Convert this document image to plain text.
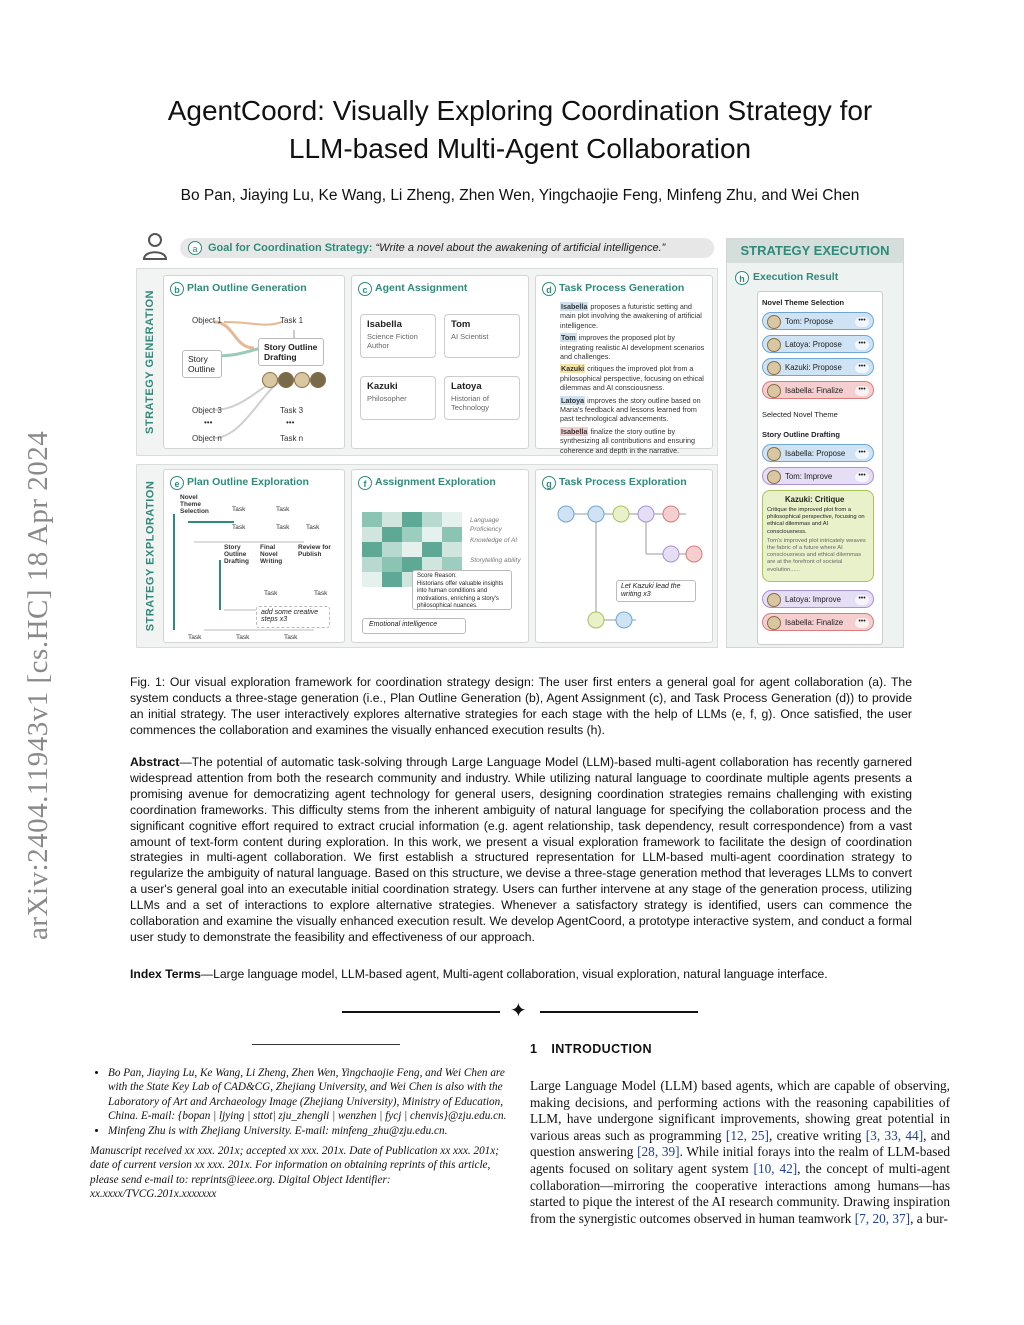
arXiv:2404.11943v1 [cs.HC] 18 Apr 2024
AgentCoord: Visually Exploring Coordination Strategy for
LLM-based Multi-Agent Collaboration
Bo Pan, Jiaying Lu, Ke Wang, Li Zheng, Zhen Wen, Yingchaojie Feng, Minfeng Zhu, and Wei Chen
a Goal for Coordination Strategy: “Write a novel about the awakening of artificial intelligence.”
STRATEGY GENERATION
b Plan Outline Generation
Object 1	Task 1
Story Outline
Story Outline Drafting
Object 3	Task 3
•••	•••
Object n	Task n
c Agent Assignment
Isabella
Science Fiction Author
Tom
AI Scientist
Kazuki
Philosopher
Latoya
Historian of Technology
d Task Process Generation
Isabella proposes a futuristic setting and main plot involving the awakening of artificial intelligence.
Tom improves the proposed plot by integrating realistic AI development scenarios and challenges.
Kazuki critiques the improved plot from a philosophical perspective, focusing on ethical dilemmas and AI consciousness.
Latoya improves the story outline based on Maria's feedback and lessons learned from past technological advancements.
Isabella finalize the story outline by synthesizing all contributions and ensuring coherence and depth in the narrative.
STRATEGY EXPLORATION	e Plan Outline Exploration
Novel Theme Selection	Task	Task
Task	Task	Task
Story Outline Drafting
Final Novel Writing
Review for Publish
Task	Task
add some creative steps x3
Task	Task	Task
f Assignment Exploration
Language Proficiency
Knowledge of AI
Storytelling ability
Score Reason:
Historians offer valuable insights into human conditions and motivations, enriching a story's philosophical nuances.
Emotional intelligence
g Task Process Exploration
Let Kazuki lead the writing x3
STRATEGY EXECUTION
h Execution Result
Novel Theme Selection
Tom: Propose	•••
Latoya: Propose	•••
Kazuki: Propose	•••
Isabella: Finalize	•••
Selected Novel Theme
Story Outline Drafting
Isabella: Propose	•••
Tom: Improve	•••
Kazuki: Critique
Critique the improved plot from a philosophical perspective, focusing on ethical dilemmas and AI consciousness.
Tom's improved plot intricately weaves the fabric of a future where AI consciousness and ethical dilemmas are at the forefront of societal evolution......
Latoya: Improve	•••
Isabella: Finalize	•••
Fig. 1: Our visual exploration framework for coordination strategy design: The user first enters a general goal for agent collaboration (a). The system conducts a three-stage generation (i.e., Plan Outline Generation (b), Agent Assignment (c), and Task Process Generation (d)) to provide an initial strategy. The user interactively explores alternative strategies for each stage with the help of LLMs (e, f, g). Once satisfied, the user commences the collaboration and examines the visually enhanced execution results (h).
Abstract—The potential of automatic task-solving through Large Language Model (LLM)-based multi-agent collaboration has recently garnered widespread attention from both the research community and industry. While utilizing natural language to coordinate multiple agents presents a promising avenue for democratizing agent technology for general users, designing coordination strategies remains challenging with existing coordination frameworks. This difficulty stems from the inherent ambiguity of natural language for specifying the collaboration process and the significant cognitive effort required to extract crucial information (e.g. agent relationship, task dependency, result correspondence) from a vast amount of text-form content during exploration. In this work, we present a visual exploration framework to facilitate the design of coordination strategies in multi-agent collaboration. We first establish a structured representation for LLM-based multi-agent coordination strategy to regularize the ambiguity of natural language. Based on this structure, we devise a three-stage generation method that leverages LLMs to convert a user's general goal into an executable initial coordination strategy. Users can further intervene at any stage of the generation process, utilizing LLMs and a set of interactions to explore alternative strategies. Whenever a satisfactory strategy is identified, users can commence the collaboration and examine the visually enhanced execution result. We develop AgentCoord, a prototype interactive system, and conduct a formal user study to demonstrate the feasibility and effectiveness of our approach.
Index Terms—Large language model, LLM-based agent, Multi-agent collaboration, visual exploration, natural language interface.
✦
• Bo Pan, Jiaying Lu, Ke Wang, Li Zheng, Zhen Wen, Yingchaojie Feng, and Wei Chen are with the State Key Lab of CAD&CG, Zhejiang University, and Wei Chen is also with the Laboratory of Art and Archaeology Image (Zhejiang University), Ministry of Education, China. E-mail: {bopan | ljying | sttot| zju_zhengli | wenzhen | fycj | chenvis}@zju.edu.cn.
• Minfeng Zhu is with Zhejiang University. E-mail: minfeng_zhu@zju.edu.cn.
Manuscript received xx xxx. 201x; accepted xx xxx. 201x. Date of Publication xx xxx. 201x; date of current version xx xxx. 201x. For information on obtaining reprints of this article, please send e-mail to: reprints@ieee.org. Digital Object Identifier: xx.xxxx/TVCG.201x.xxxxxxx
1 INTRODUCTION
Large Language Model (LLM) based agents, which are capable of observing, making decisions, and performing actions with the reasoning capabilities of LLM, have undergone significant improvements, showing great potential in various areas such as programming [12, 25], creative writing [3, 33, 44], and question answering [28, 39]. While initial forays into the realm of LLM-based agents focused on solitary agent system [10, 42], the concept of multi-agent collaboration—mirroring the cooperative interactions among humans—has started to pique the interest of the AI research community. Drawing inspiration from the synergistic outcomes observed in human teamwork [7, 20, 37], a bur-
